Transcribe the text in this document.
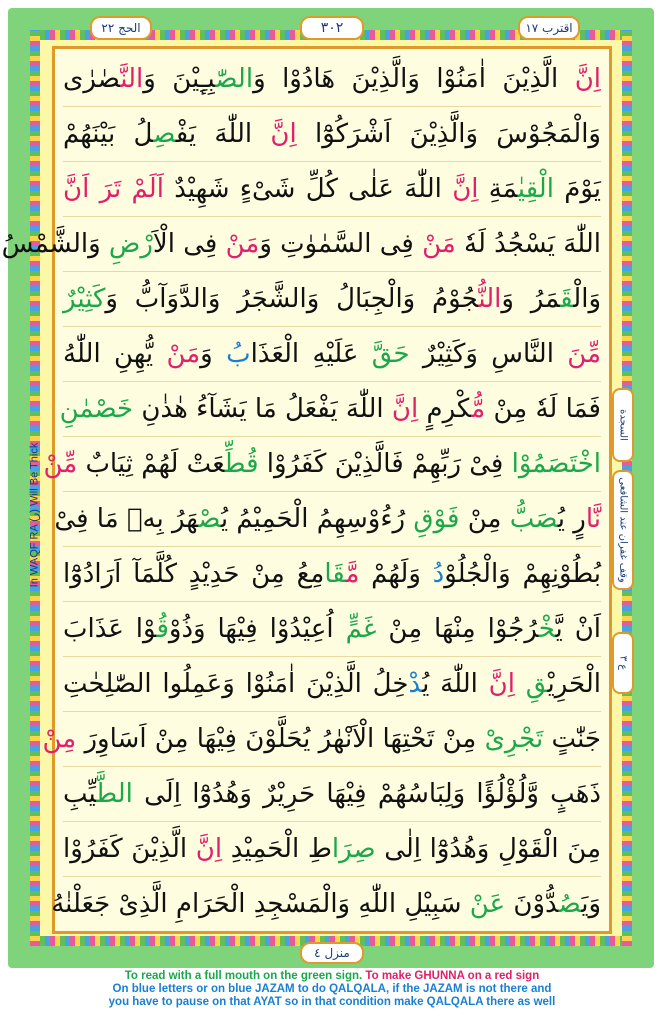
الحج ٢٢	٣٠٢	اقترب ١٧
In WAQF RA (ر) Will Be Thick
السجدة
وقف غفران عند الشافعی
ع ٣
اِنَّ الَّذِيْنَ اٰمَنُوْا وَالَّذِيْنَ هَادُوْا وَالصّٰبِـِٕيْنَ وَالنَّصٰرٰى
وَالْمَجُوْسَ وَالَّذِيْنَ اَشْرَكُوْٓا اِنَّ اللّٰهَ يَفْصِلُ بَيْنَهُمْ
يَوْمَ الْقِيٰمَةِ اِنَّ اللّٰهَ عَلٰى كُلِّ شَىْءٍ شَهِيْدٌ اَلَمْ تَرَ اَنَّ
اللّٰهَ يَسْجُدُ لَهٗ مَنْ فِى السَّمٰوٰتِ وَمَنْ فِى الْاَرْضِ وَالشَّمْسُ
وَالْقَمَرُ وَالنُّجُوْمُ وَالْجِبَالُ وَالشَّجَرُ وَالدَّوَآبُّ وَكَثِيْرٌ
مِّنَ النَّاسِ وَكَثِيْرٌ حَقَّ عَلَيْهِ الْعَذَابُ وَمَنْ يُّهِنِ اللّٰهُ
فَمَا لَهٗ مِنْ مُّكْرِمٍ اِنَّ اللّٰهَ يَفْعَلُ مَا يَشَآءُ هٰذٰنِ خَصْمٰنِ
اخْتَصَمُوْا فِىْ رَبِّهِمْ فَالَّذِيْنَ كَفَرُوْا قُطِّعَتْ لَهُمْ ثِيَابٌ مِّنْ
نَّارٍ يُصَبُّ مِنْ فَوْقِ رُءُوْسِهِمُ الْحَمِيْمُ يُصْهَرُ بِهٖ مَا فِىْ
بُطُوْنِهِمْ وَالْجُلُوْدُ وَلَهُمْ مَّقَامِعُ مِنْ حَدِيْدٍ كُلَّمَآ اَرَادُوْٓا
اَنْ يَّخْرُجُوْا مِنْهَا مِنْ غَمٍّ اُعِيْدُوْا فِيْهَا وَذُوْقُوْا عَذَابَ
الْحَرِيْقِ اِنَّ اللّٰهَ يُدْخِلُ الَّذِيْنَ اٰمَنُوْا وَعَمِلُوا الصّٰلِحٰتِ
جَنّٰتٍ تَجْرِىْ مِنْ تَحْتِهَا الْاَنْهٰرُ يُحَلَّوْنَ فِيْهَا مِنْ اَسَاوِرَ مِنْ
ذَهَبٍ وَّلُؤْلُؤًا وَلِبَاسُهُمْ فِيْهَا حَرِيْرٌ وَهُدُوْٓا اِلَى الطَّيِّبِ
مِنَ الْقَوْلِ وَهُدُوْٓا اِلٰى صِرَاطِ الْحَمِيْدِ اِنَّ الَّذِيْنَ كَفَرُوْا
وَيَصُدُّوْنَ عَنْ سَبِيْلِ اللّٰهِ وَالْمَسْجِدِ الْحَرَامِ الَّذِىْ جَعَلْنٰهُ
منزل ٤
To read with a full mouth on the green sign. To make GHUNNA on a red sign
On blue letters or on blue JAZAM to do QALQALA, if the JAZAM is not there and
you have to pause on that AYAT so in that condition make QALQALA there as well
